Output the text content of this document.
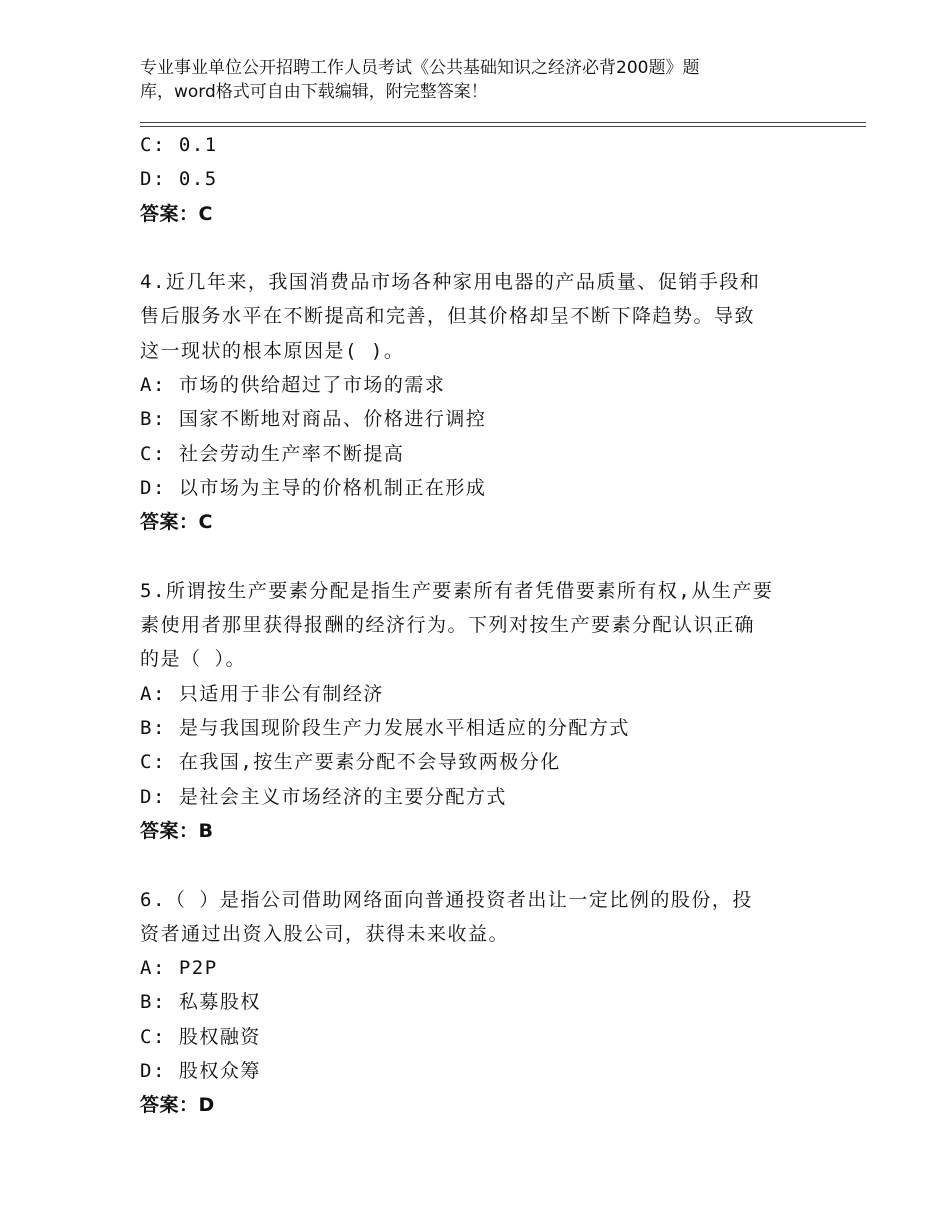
专业事业单位公开招聘工作人员考试《公共基础知识之经济必背200题》题
库，word格式可自由下载编辑，附完整答案！
C: 0.1
D: 0.5
答案：C
4.近几年来，我国消费品市场各种家用电器的产品质量、促销手段和
售后服务水平在不断提高和完善，但其价格却呈不断下降趋势。导致
这一现状的根本原因是( )。
A: 市场的供给超过了市场的需求
B: 国家不断地对商品、价格进行调控
C: 社会劳动生产率不断提高
D: 以市场为主导的价格机制正在形成
答案：C
5.所谓按生产要素分配是指生产要素所有者凭借要素所有权,从生产要
素使用者那里获得报酬的经济行为。下列对按生产要素分配认识正确
的是（ ）。
A: 只适用于非公有制经济
B: 是与我国现阶段生产力发展水平相适应的分配方式
C: 在我国,按生产要素分配不会导致两极分化
D: 是社会主义市场经济的主要分配方式
答案：B
6.（ ）是指公司借助网络面向普通投资者出让一定比例的股份，投
资者通过出资入股公司，获得未来收益。
A: P2P
B: 私募股权
C: 股权融资
D: 股权众筹
答案：D
